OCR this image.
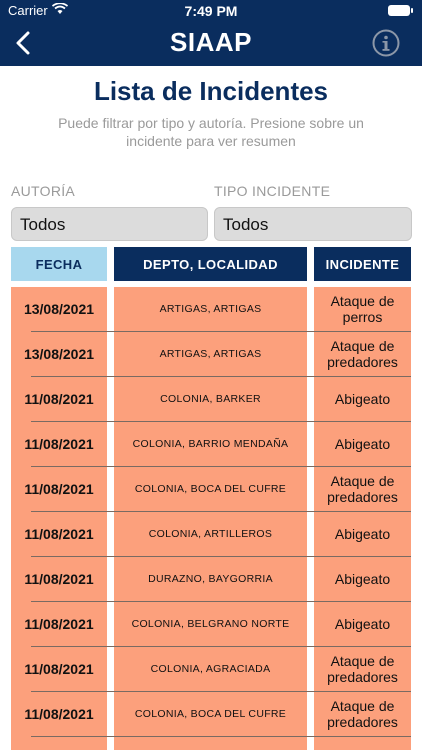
Carrier	7:49 PM
SIAAP
Lista de Incidentes
Puede filtrar por tipo y autoría. Presione sobre un incidente para ver resumen
AUTORÍA	TIPO INCIDENTE
Todos	Todos
FECHA	DEPTO, LOCALIDAD	INCIDENTE
13/08/2021	ARTIGAS, ARTIGAS	Ataque de perros
13/08/2021	ARTIGAS, ARTIGAS	Ataque de predadores
11/08/2021	COLONIA, BARKER	Abigeato
11/08/2021	COLONIA, BARRIO MENDAÑA	Abigeato
11/08/2021	COLONIA, BOCA DEL CUFRE	Ataque de predadores
11/08/2021	COLONIA, ARTILLEROS	Abigeato
11/08/2021	DURAZNO, BAYGORRIA	Abigeato
11/08/2021	COLONIA, BELGRANO NORTE	Abigeato
11/08/2021	COLONIA, AGRACIADA	Ataque de predadores
11/08/2021	COLONIA, BOCA DEL CUFRE	Ataque de predadores
